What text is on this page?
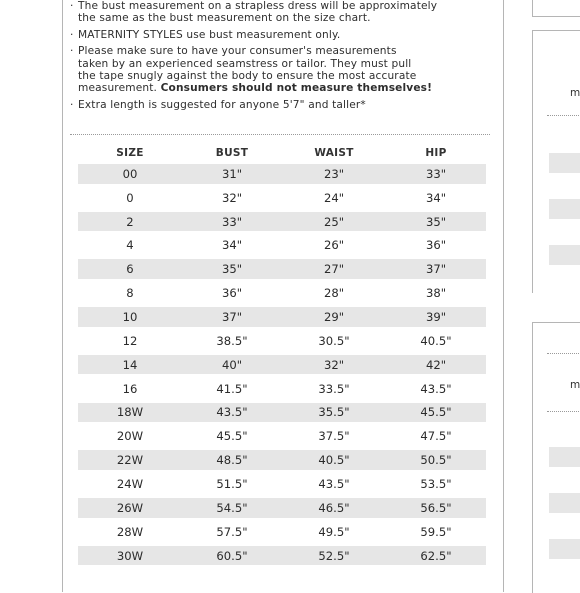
· The bust measurement on a strapless dress will be approximately
the same as the bust measurement on the size chart.
· MATERNITY STYLES use bust measurement only.
· Please make sure to have your consumer's measurements
taken by an experienced seamstress or tailor. They must pull
the tape snugly against the body to ensure the most accurate
measurement. Consumers should not measure themselves!
· Extra length is suggested for anyone 5'7" and taller*
SIZE	BUST	WAIST	HIP
00	31"	23"	33"
0	32"	24"	34"
2	33"	25"	35"
4	34"	26"	36"
6	35"	27"	37"
8	36"	28"	38"
10	37"	29"	39"
12	38.5"	30.5"	40.5"
14	40"	32"	42"
16	41.5"	33.5"	43.5"
18W	43.5"	35.5"	45.5"
20W	45.5"	37.5"	47.5"
22W	48.5"	40.5"	50.5"
24W	51.5"	43.5"	53.5"
26W	54.5"	46.5"	56.5"
28W	57.5"	49.5"	59.5"
30W	60.5"	52.5"	62.5"
m
m
